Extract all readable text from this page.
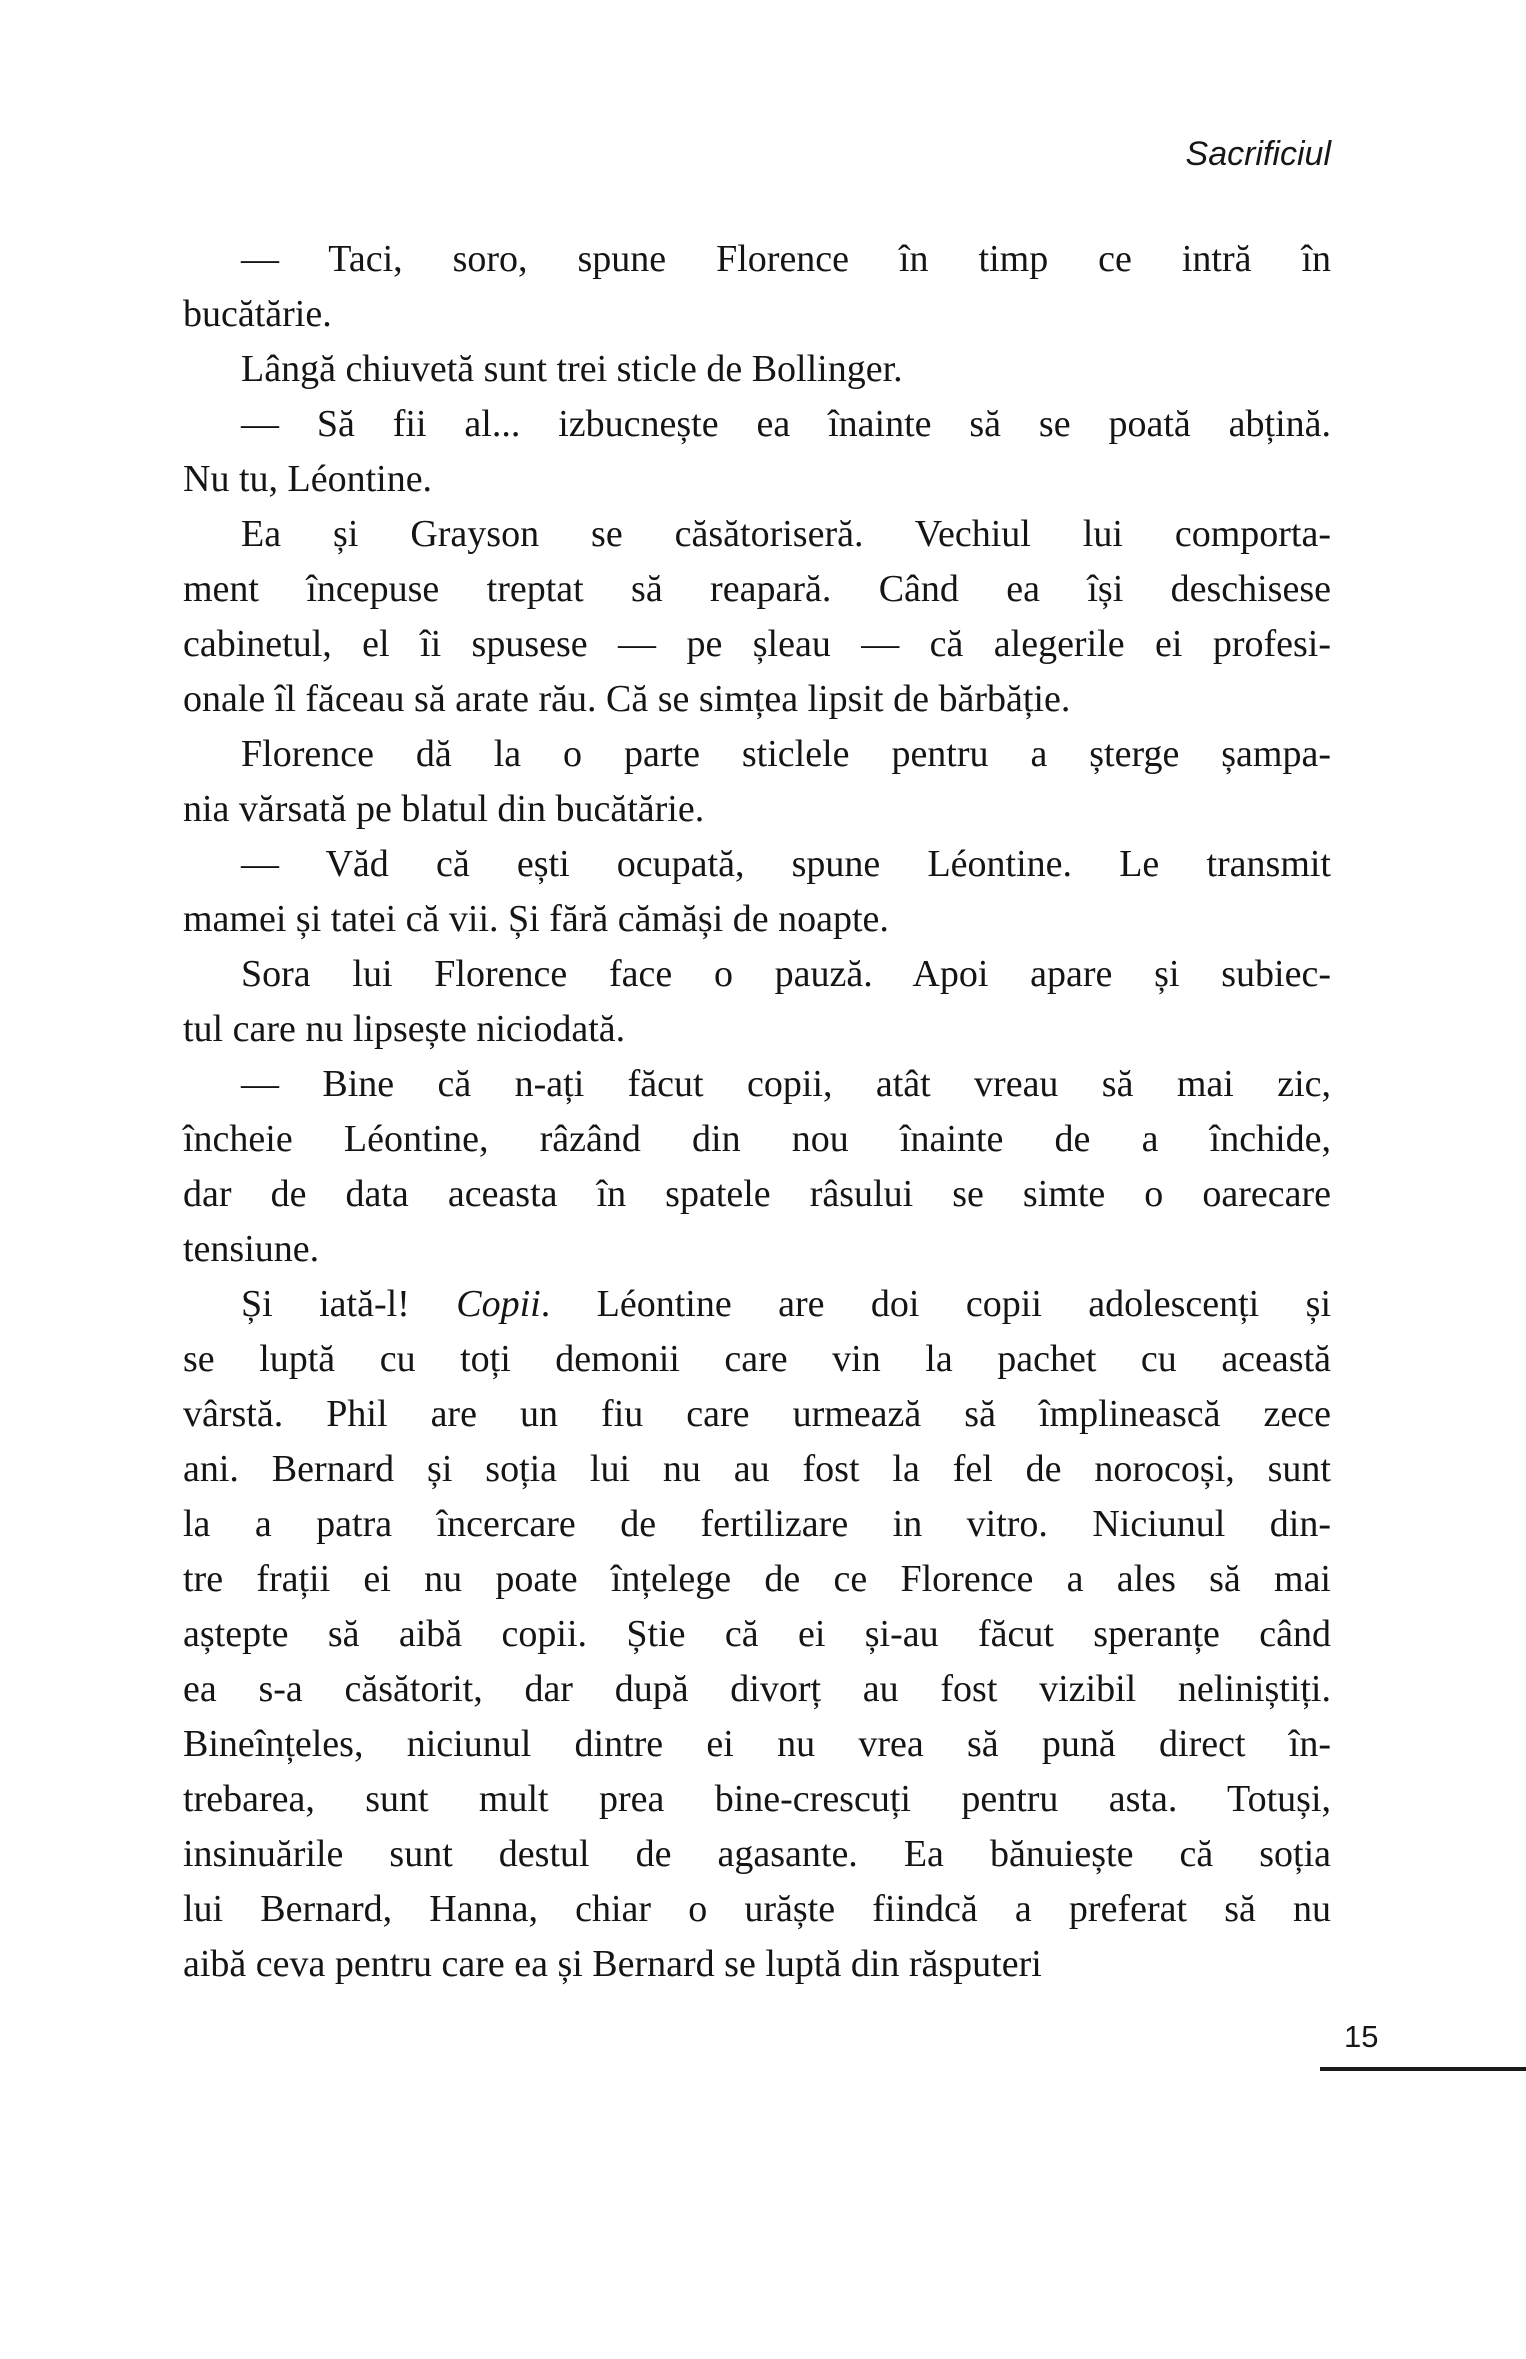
Sacrificiul
— Taci, soro, spune Florence în timp ce intră în
bucătărie.
Lângă chiuvetă sunt trei sticle de Bollinger.
— Să fii al... izbucnește ea înainte să se poată abțină.
Nu tu, Léontine.
Ea și Grayson se căsătoriseră. Vechiul lui comporta-
ment începuse treptat să reapară. Când ea își deschisese
cabinetul, el îi spusese — pe șleau — că alegerile ei profesi-
onale îl făceau să arate rău. Că se simțea lipsit de bărbăție.
Florence dă la o parte sticlele pentru a șterge șampa-
nia vărsată pe blatul din bucătărie.
— Văd că ești ocupată, spune Léontine. Le transmit
mamei și tatei că vii. Și fără cămăși de noapte.
Sora lui Florence face o pauză. Apoi apare și subiec-
tul care nu lipsește niciodată.
— Bine că n-ați făcut copii, atât vreau să mai zic,
încheie Léontine, râzând din nou înainte de a închide,
dar de data aceasta în spatele râsului se simte o oarecare
tensiune.
Și iată-l! Copii. Léontine are doi copii adolescenți și
se luptă cu toți demonii care vin la pachet cu această
vârstă. Phil are un fiu care urmează să împlinească zece
ani. Bernard și soția lui nu au fost la fel de norocoși, sunt
la a patra încercare de fertilizare in vitro. Niciunul din-
tre frații ei nu poate înțelege de ce Florence a ales să mai
aștepte să aibă copii. Știe că ei și-au făcut speranțe când
ea s-a căsătorit, dar după divorț au fost vizibil neliniștiți.
Bineînțeles, niciunul dintre ei nu vrea să pună direct în-
trebarea, sunt mult prea bine-crescuți pentru asta. Totuși,
insinuările sunt destul de agasante. Ea bănuiește că soția
lui Bernard, Hanna, chiar o urăște fiindcă a preferat să nu
aibă ceva pentru care ea și Bernard se luptă din răsputeri
15
